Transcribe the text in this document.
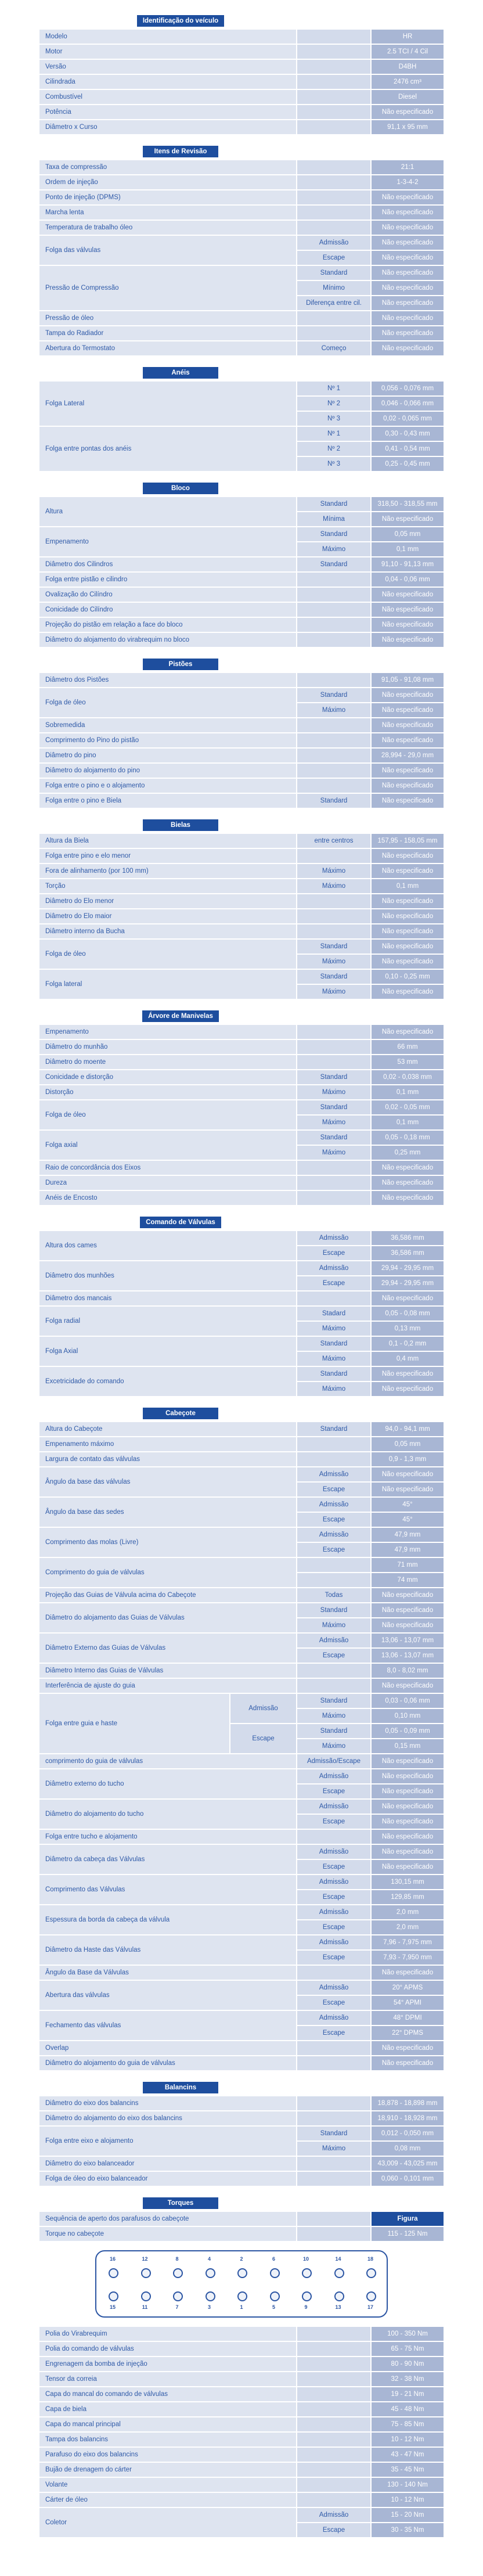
Identificação do veículo
Modelo	HR
Motor	2.5 TCI / 4 Cil
Versão	D4BH
Cilindrada	2476 cm³
Combustível	Diesel
Potência	Não especificado
Diâmetro x Curso	91,1 x 95 mm
Itens de Revisão
Taxa de compressão	21:1
Ordem de injeção	1-3-4-2
Ponto de injeção (DPMS)	Não especificado
Marcha lenta	Não especificado
Temperatura de trabalho óleo	Não especificado
Folga das válvulas
Admissão	Não especificado
Escape	Não especificado
Pressão de Compressão
Standard	Não especificado
Mínimo	Não especificado
Diferença entre cil.	Não especificado
Pressão de óleo	Não especificado
Tampa do Radiador	Não especificado
Abertura do Termostato	Começo	Não especificado
Anéis
Folga Lateral
Nº 1	0,056 - 0,076 mm
Nº 2	0,046 - 0,066 mm
Nº 3	0,02 - 0,065 mm
Folga entre pontas dos anéis
Nº 1	0,30 - 0,43 mm
Nº 2	0,41 - 0,54 mm
Nº 3	0,25 - 0,45 mm
Bloco
Altura
Standard	318,50 - 318,55 mm
Mínima	Não especificado
Empenamento
Standard	0,05 mm
Máximo	0,1 mm
Diâmetro dos Cilindros	Standard	91,10 - 91,13 mm
Folga entre pistão e cilindro	0,04 - 0,06 mm
Ovalização do Cilíndro	Não especificado
Conicidade do Cilíndro	Não especificado
Projeção do pistão em relação a face do bloco	Não especificado
Diâmetro do alojamento do virabrequim no bloco	Não especificado
Pistões
Diâmetro dos Pistões	91,05 - 91,08 mm
Folga de óleo
Standard	Não especificado
Máximo	Não especificado
Sobremedida	Não especificado
Comprimento do Pino do pistão	Não especificado
Diâmetro do pino	28,994 - 29,0 mm
Diâmetro do alojamento do pino	Não especificado
Folga entre o pino e o alojamento	Não especificado
Folga entre o pino e Biela	Standard	Não especificado
Bielas
Altura da Biela	entre centros	157,95 - 158,05 mm
Folga entre pino e elo menor	Não especificado
Fora de alinhamento (por 100 mm)	Máximo	Não especificado
Torção	Máximo	0,1 mm
Diâmetro do Elo menor	Não especificado
Diâmetro do Elo maior	Não especificado
Diâmetro interno da Bucha	Não especificado
Folga de óleo
Standard	Não especificado
Máximo	Não especificado
Folga lateral
Standard	0,10 - 0,25 mm
Máximo	Não especificado
Árvore de Manivelas
Empenamento	Não especificado
Diâmetro do munhão	66 mm
Diâmetro do moente	53 mm
Conicidade e distorção	Standard	0,02 - 0,038 mm
Distorção	Máximo	0,1 mm
Folga de óleo
Standard	0,02 - 0,05 mm
Máximo	0,1 mm
Folga axial
Standard	0,05 - 0,18 mm
Máximo	0,25 mm
Raio de concordância dos Eixos	Não especificado
Dureza	Não especificado
Anéis de Encosto	Não especificado
Comando de Válvulas
Altura dos cames
Admissão	36,586 mm
Escape	36,586 mm
Diâmetro dos munhões
Admissão	29,94 - 29,95 mm
Escape	29,94 - 29,95 mm
Diâmetro dos mancais	Não especificado
Folga radial
Stadard	0,05 - 0,08 mm
Máximo	0,13 mm
Folga Axial
Standard	0,1 - 0,2 mm
Máximo	0,4 mm
Excetricidade do comando
Standard	Não especificado
Máximo	Não especificado
Cabeçote
Altura do Cabeçote	Standard	94,0 - 94,1 mm
Empenamento máximo	0,05 mm
Largura de contato das válvulas	0,9 - 1,3 mm
Ângulo da base das válvulas
Admissão	Não especificado
Escape	Não especificado
Ângulo da base das sedes
Admissão	45°
Escape	45°
Comprimento das molas (Livre)
Admissão	47,9 mm
Escape	47,9 mm
Comprimento do guia de válvulas
71 mm
74 mm
Projeção das Guias de Válvula acima do Cabeçote	Todas	Não especificado
Diâmetro do alojamento das Guias de Válvulas
Standard	Não especificado
Máximo	Não especificado
Diâmetro Externo das Guias de Válvulas
Admissão	13,06 - 13,07 mm
Escape	13,06 - 13,07 mm
Diâmetro Interno das Guias de Válvulas	8,0 - 8,02 mm
Interferência de ajuste do guia	Não especificado
Folga entre guia e haste
Admissão
Standard	0,03 - 0,06 mm
Máximo	0,10 mm
Escape
Standard	0,05 - 0,09 mm
Máximo	0,15 mm
comprimento do guia de válvulas	Admissão/Escape	Não especificado
Diâmetro externo do tucho
Admissão	Não especificado
Escape	Não especificado
Diâmetro do alojamento do tucho
Admissão	Não especificado
Escape	Não especificado
Folga entre tucho e alojamento	Não especificado
Diâmetro da cabeça das Válvulas
Admissão	Não especificado
Escape	Não especificado
Comprimento das Válvulas
Admissão	130,15 mm
Escape	129,85 mm
Espessura da borda da cabeça da válvula
Admissão	2,0 mm
Escape	2,0 mm
Diâmetro da Haste das Válvulas
Admissão	7,96 - 7,975 mm
Escape	7,93 - 7,950 mm
Ângulo da Base da Válvulas	Não especificado
Abertura das válvulas
Admissão	20° APMS
Escape	54° APMI
Fechamento das válvulas
Admissão	48° DPMI
Escape	22° DPMS
Overlap	Não especificado
Diâmetro do alojamento do guia de válvulas	Não especificado
Balancins
Diâmetro do eixo dos balancins	18,878 - 18,898 mm
Diâmetro do alojamento do eixo dos balancins	18,910 - 18,928 mm
Folga entre eixo e alojamento
Standard	0,012 - 0,050 mm
Máximo	0,08 mm
Diâmetro do eixo balanceador	43,009 - 43,025 mm
Folga de óleo do eixo balanceador	0,060 - 0,101 mm
Torques
Sequência de aperto dos parafusos do cabeçote	Figura
Torque no cabeçote	115 - 125 Nm
16
15
12
11
8
7
4
3
2
1
6
5
10
9
14
13
18
17
Polia do Virabrequim	100 - 350 Nm
Polia do comando de válvulas	65 - 75 Nm
Engrenagem da bomba de injeção	80 - 90 Nm
Tensor da correia	32 - 38 Nm
Capa do mancal do comando de válvulas	19 - 21 Nm
Capa de biela	45 - 48 Nm
Capa do mancal principal	75 - 85 Nm
Tampa dos balancins	10 - 12 Nm
Parafuso do eixo dos balancins	43 - 47 Nm
Bujão de drenagem do cárter	35 - 45 Nm
Volante	130 - 140 Nm
Cárter de óleo	10 - 12 Nm
Coletor
Admissão	15 - 20 Nm
Escape	30 - 35 Nm
